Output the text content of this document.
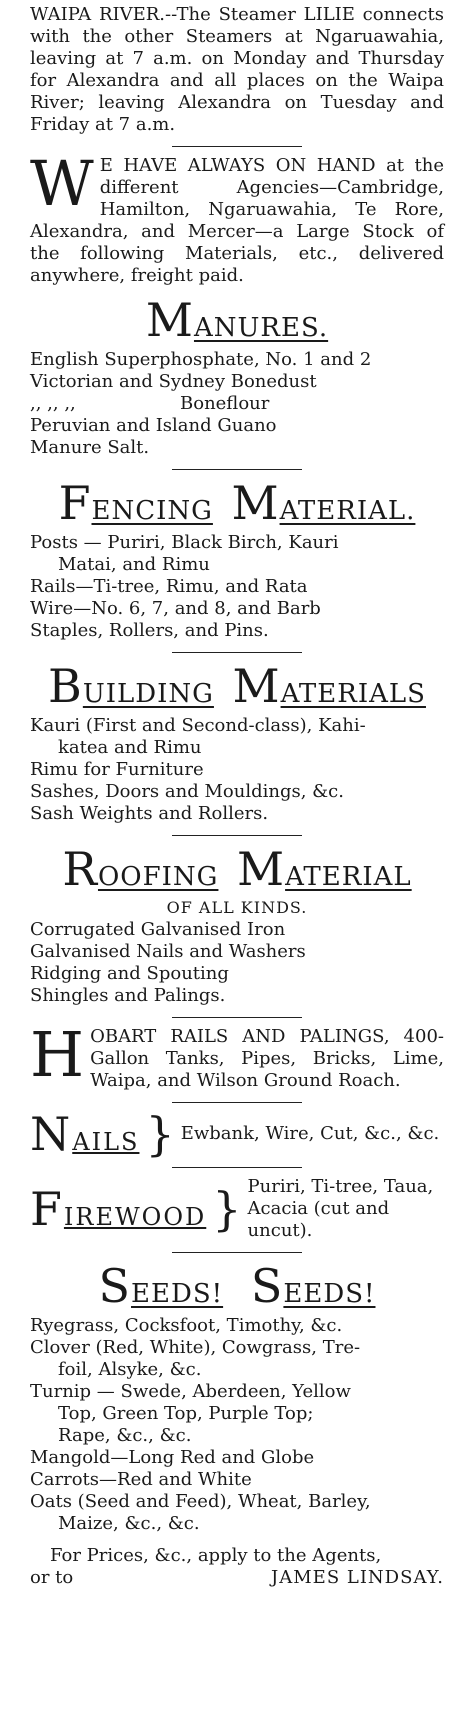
WAIPA RIVER.--The Steamer LILIE connects with the other Steamers at Ngaruawahia, leaving at 7 a.m. on Monday and Thursday for Alexandra and all places on the Waipa River; leaving Alexandra on Tuesday and Friday at 7 a.m.

W E HAVE ALWAYS ON HAND at the different Agencies—Cambridge, Hamilton, Ngaruawahia, Te Rore, Alexandra, and Mercer—a Large Stock of the following Materials, etc., delivered anywhere, freight paid.

MANURES.

English Superphosphate, No. 1 and 2

Victorian and Sydney Bonedust

,, ,, ,,	Boneflour

Peruvian and Island Guano

Manure Salt.

FENCING MATERIAL.

Posts — Puriri, Black Birch, Kauri

Matai, and Rimu

Rails—Ti-tree, Rimu, and Rata

Wire—No. 6, 7, and 8, and Barb

Staples, Rollers, and Pins.

BUILDING MATERIALS

Kauri (First and Second-class), Kahi-

katea and Rimu

Rimu for Furniture

Sashes, Doors and Mouldings, &c.

Sash Weights and Rollers.

ROOFING MATERIAL
OF ALL KINDS.

Corrugated Galvanised Iron

Galvanised Nails and Washers

Ridging and Spouting

Shingles and Palings.

H OBART RAILS AND PALINGS, 400-Gallon Tanks, Pipes, Bricks, Lime, Waipa, and Wilson Ground Roach.

NAILS } Ewbank, Wire, Cut, &c., &c.
FIREWOOD } Puriri, Ti-tree, Taua, Acacia (cut and uncut).
SEEDS! SEEDS!

Ryegrass, Cocksfoot, Timothy, &c.

Clover (Red, White), Cowgrass, Tre-

foil, Alsyke, &c.

Turnip — Swede, Aberdeen, Yellow

Top, Green Top, Purple Top;

Rape, &c., &c.

Mangold—Long Red and Globe

Carrots—Red and White

Oats (Seed and Feed), Wheat, Barley,

Maize, &c., &c.

For Prices, &c., apply to the Agents,

or to	JAMES LINDSAY.
